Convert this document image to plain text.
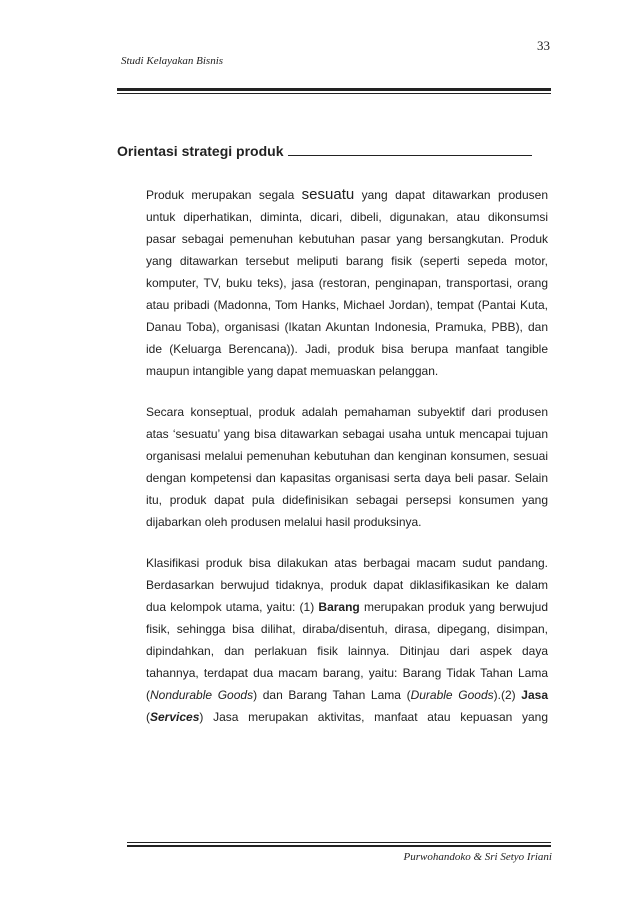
33
Studi Kelayakan Bisnis
Orientasi strategi produk

Produk merupakan segala sesuatu yang dapat ditawarkan produsen untuk diperhatikan, diminta, dicari, dibeli, digunakan, atau dikonsumsi pasar sebagai pemenuhan kebutuhan pasar yang bersangkutan. Produk yang ditawarkan tersebut meliputi barang fisik (seperti sepeda motor, komputer, TV, buku teks), jasa (restoran, penginapan, transportasi, orang atau pribadi (Madonna, Tom Hanks, Michael Jordan), tempat (Pantai Kuta, Danau Toba), organisasi (Ikatan Akuntan Indonesia, Pramuka, PBB), dan ide (Keluarga Berencana)). Jadi, produk bisa berupa manfaat tangible maupun intangible yang dapat memuaskan pelanggan.

Secara konseptual, produk adalah pemahaman subyektif dari produsen atas ‘sesuatu’ yang bisa ditawarkan sebagai usaha untuk mencapai tujuan organisasi melalui pemenuhan kebutuhan dan kenginan konsumen, sesuai dengan kompetensi dan kapasitas organisasi serta daya beli pasar. Selain itu, produk dapat pula didefinisikan sebagai persepsi konsumen yang dijabarkan oleh produsen melalui hasil produksinya.

Klasifikasi produk bisa dilakukan atas berbagai macam sudut pandang. Berdasarkan berwujud tidaknya, produk dapat diklasifikasikan ke dalam dua kelompok utama, yaitu: (1) Barang merupakan produk yang berwujud fisik, sehingga bisa dilihat, diraba/disentuh, dirasa, dipegang, disimpan, dipindahkan, dan perlakuan fisik lainnya. Ditinjau dari aspek daya tahannya, terdapat dua macam barang, yaitu: Barang Tidak Tahan Lama (Nondurable Goods) dan Barang Tahan Lama (Durable Goods).(2) Jasa (Services) Jasa merupakan aktivitas, manfaat atau kepuasan yang

Purwohandoko & Sri Setyo Iriani
